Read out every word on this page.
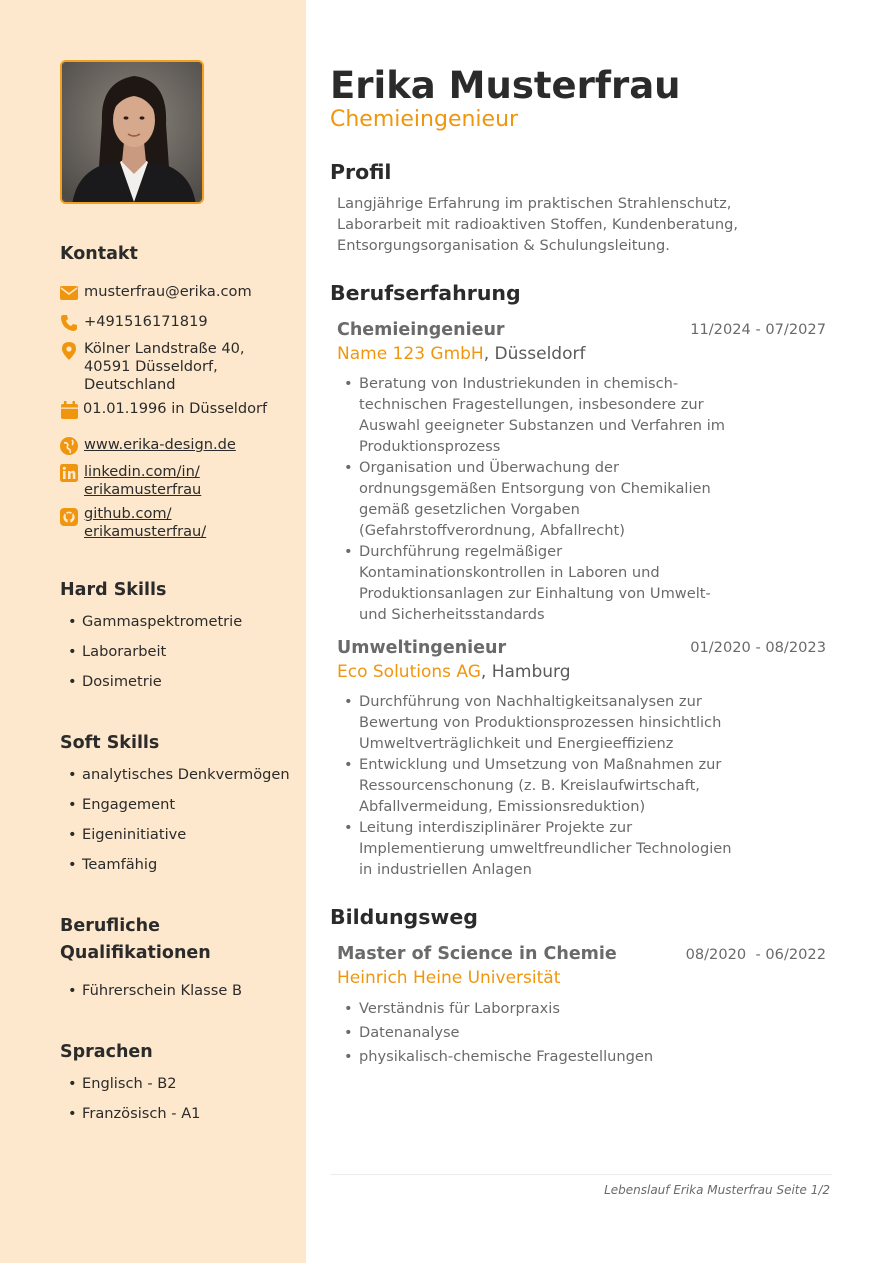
Kontakt
musterfrau@erika.com
+491516171819
Kölner Landstraße 40,
40591 Düsseldorf,
Deutschland
01.01.1996 in Düsseldorf
www.erika-design.de
linkedin.com/in/
erikamusterfrau
github.com/
erikamusterfrau/
Hard Skills
• Gammaspektrometrie
• Laborarbeit
• Dosimetrie
Soft Skills
• analytisches Denkvermögen
• Engagement
• Eigeninitiative
• Teamfähig
Berufliche
Qualifikationen
• Führerschein Klasse B
Sprachen
• Englisch - B2
• Französisch - A1
Erika Musterfrau
Chemieingenieur
Profil
Langjährige Erfahrung im praktischen Strahlenschutz,
Laborarbeit mit radioaktiven Stoffen, Kundenberatung,
Entsorgungsorganisation & Schulungsleitung.
Berufserfahrung
Chemieingenieur	11/2024 - 07/2027
Name 123 GmbH, Düsseldorf
• Beratung von Industriekunden in chemisch-
technischen Fragestellungen, insbesondere zur
Auswahl geeigneter Substanzen und Verfahren im
Produktionsprozess
• Organisation und Überwachung der
ordnungsgemäßen Entsorgung von Chemikalien
gemäß gesetzlichen Vorgaben
(Gefahrstoffverordnung, Abfallrecht)
• Durchführung regelmäßiger
Kontaminationskontrollen in Laboren und
Produktionsanlagen zur Einhaltung von Umwelt-
und Sicherheitsstandards
Umweltingenieur	01/2020 - 08/2023
Eco Solutions AG, Hamburg
• Durchführung von Nachhaltigkeitsanalysen zur
Bewertung von Produktionsprozessen hinsichtlich
Umweltverträglichkeit und Energieeffizienz
• Entwicklung und Umsetzung von Maßnahmen zur
Ressourcenschonung (z. B. Kreislaufwirtschaft,
Abfallvermeidung, Emissionsreduktion)
• Leitung interdisziplinärer Projekte zur
Implementierung umweltfreundlicher Technologien
in industriellen Anlagen
Bildungsweg
Master of Science in Chemie	08/2020  - 06/2022
Heinrich Heine Universität
• Verständnis für Laborpraxis
• Datenanalyse
• physikalisch-chemische Fragestellungen
Lebenslauf Erika Musterfrau Seite 1/2
